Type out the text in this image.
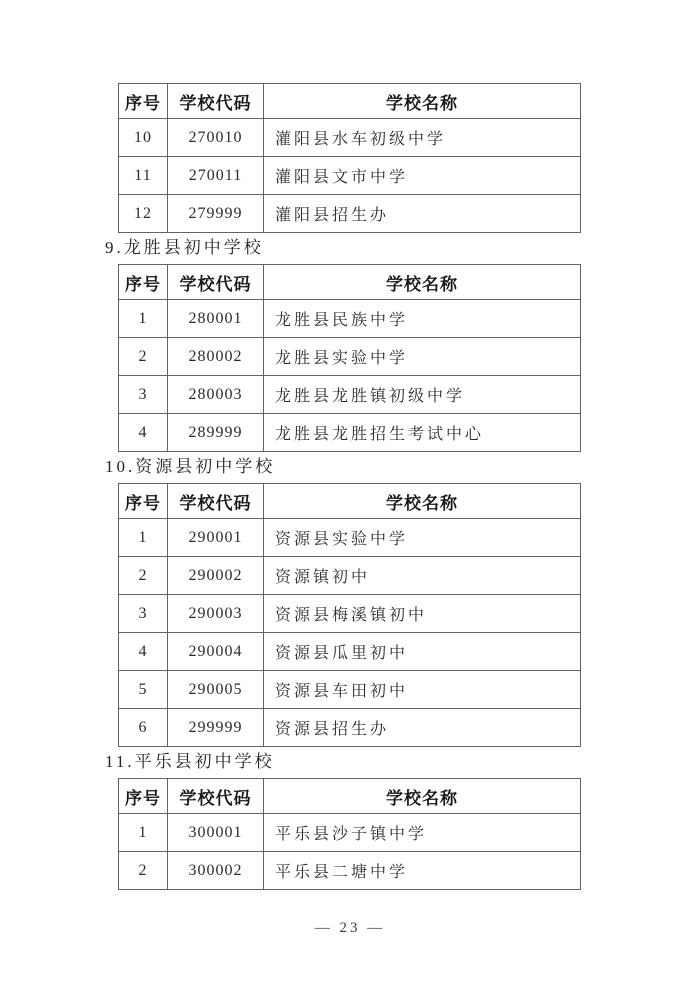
序号	学校代码	学校名称
10	270010	灌阳县水车初级中学
11	270011	灌阳县文市中学
12	279999	灌阳县招生办
9.龙胜县初中学校
序号	学校代码	学校名称
1	280001	龙胜县民族中学
2	280002	龙胜县实验中学
3	280003	龙胜县龙胜镇初级中学
4	289999	龙胜县龙胜招生考试中心
10.资源县初中学校
序号	学校代码	学校名称
1	290001	资源县实验中学
2	290002	资源镇初中
3	290003	资源县梅溪镇初中
4	290004	资源县瓜里初中
5	290005	资源县车田初中
6	299999	资源县招生办
11.平乐县初中学校
序号	学校代码	学校名称
1	300001	平乐县沙子镇中学
2	300002	平乐县二塘中学
— 23 —
